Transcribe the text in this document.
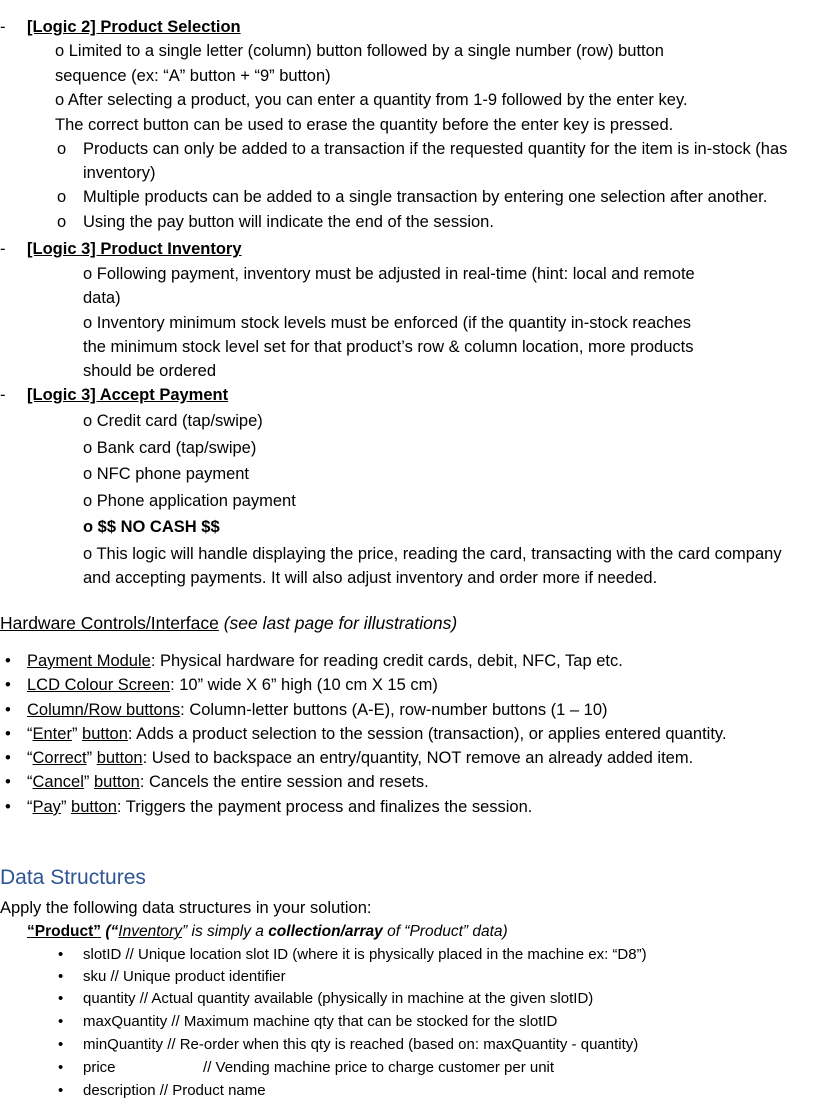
- [Logic 2] Product Selection
o Limited to a single letter (column) button followed by a single number (row) button
sequence (ex: “A” button + “9” button)
o After selecting a product, you can enter a quantity from 1-9 followed by the enter key.
The correct button can be used to erase the quantity before the enter key is pressed.
o Products can only be added to a transaction if the requested quantity for the item is in-stock (has
inventory)
o Multiple products can be added to a single transaction by entering one selection after another.
o Using the pay button will indicate the end of the session.
- [Logic 3] Product Inventory
o Following payment, inventory must be adjusted in real-time (hint: local and remote
data)
o Inventory minimum stock levels must be enforced (if the quantity in-stock reaches
the minimum stock level set for that product’s row & column location, more products
should be ordered
- [Logic 3] Accept Payment
o Credit card (tap/swipe)
o Bank card (tap/swipe)
o NFC phone payment
o Phone application payment
o $$ NO CASH $$
o This logic will handle displaying the price, reading the card, transacting with the card company
and accepting payments. It will also adjust inventory and order more if needed.
Hardware Controls/Interface (see last page for illustrations)
• Payment Module: Physical hardware for reading credit cards, debit, NFC, Tap etc.
• LCD Colour Screen: 10” wide X 6” high (10 cm X 15 cm)
• Column/Row buttons: Column-letter buttons (A-E), row-number buttons (1 – 10)
• “Enter” button: Adds a product selection to the session (transaction), or applies entered quantity.
• “Correct” button: Used to backspace an entry/quantity, NOT remove an already added item.
• “Cancel” button: Cancels the entire session and resets.
• “Pay” button: Triggers the payment process and finalizes the session.
Data Structures
Apply the following data structures in your solution:
“Product” (“Inventory” is simply a collection/array of “Product” data)
• slotID // Unique location slot ID (where it is physically placed in the machine ex: “D8”)
• sku // Unique product identifier
• quantity // Actual quantity available (physically in machine at the given slotID)
• maxQuantity // Maximum machine qty that can be stocked for the slotID
• minQuantity // Re-order when this qty is reached (based on: maxQuantity - quantity)
• price                     // Vending machine price to charge customer per unit
• description // Product name
